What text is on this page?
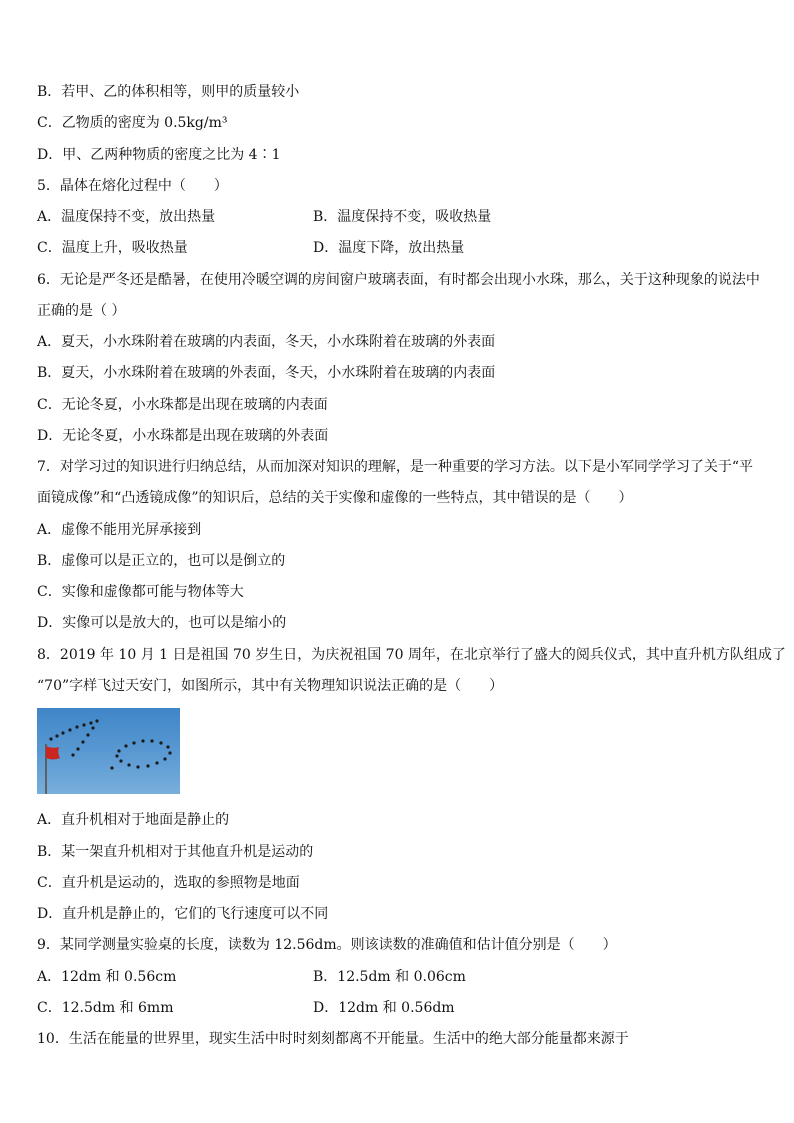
B．若甲、乙的体积相等，则甲的质量较小
C．乙物质的密度为 0.5kg/m³
D．甲、乙两种物质的密度之比为 4∶1
5．晶体在熔化过程中（　　）
A．温度保持不变，放出热量	B．温度保持不变，吸收热量
C．温度上升，吸收热量	D．温度下降，放出热量
6．无论是严冬还是酷暑，在使用冷暖空调的房间窗户玻璃表面，有时都会出现小水珠，那么，关于这种现象的说法中
正确的是（ ）
A．夏天，小水珠附着在玻璃的内表面，冬天，小水珠附着在玻璃的外表面
B．夏天，小水珠附着在玻璃的外表面，冬天，小水珠附着在玻璃的内表面
C．无论冬夏，小水珠都是出现在玻璃的内表面
D．无论冬夏，小水珠都是出现在玻璃的外表面
7．对学习过的知识进行归纳总结，从而加深对知识的理解，是一种重要的学习方法。以下是小军同学学习了关于“平
面镜成像”和“凸透镜成像”的知识后，总结的关于实像和虚像的一些特点，其中错误的是（　　）
A．虚像不能用光屏承接到
B．虚像可以是正立的，也可以是倒立的
C．实像和虚像都可能与物体等大
D．实像可以是放大的，也可以是缩小的
8．2019 年 10 月 1 日是祖国 70 岁生日，为庆祝祖国 70 周年，在北京举行了盛大的阅兵仪式，其中直升机方队组成了
“70”字样飞过天安门，如图所示，其中有关物理知识说法正确的是（　　）
A．直升机相对于地面是静止的
B．某一架直升机相对于其他直升机是运动的
C．直升机是运动的，选取的参照物是地面
D．直升机是静止的，它们的飞行速度可以不同
9．某同学测量实验桌的长度，读数为 12.56dm。则该读数的准确值和估计值分别是（　　）
A．12dm 和 0.56cm	B．12.5dm 和 0.06cm
C．12.5dm 和 6mm	D．12dm 和 0.56dm
10．生活在能量的世界里，现实生活中时时刻刻都离不开能量。生活中的绝大部分能量都来源于
